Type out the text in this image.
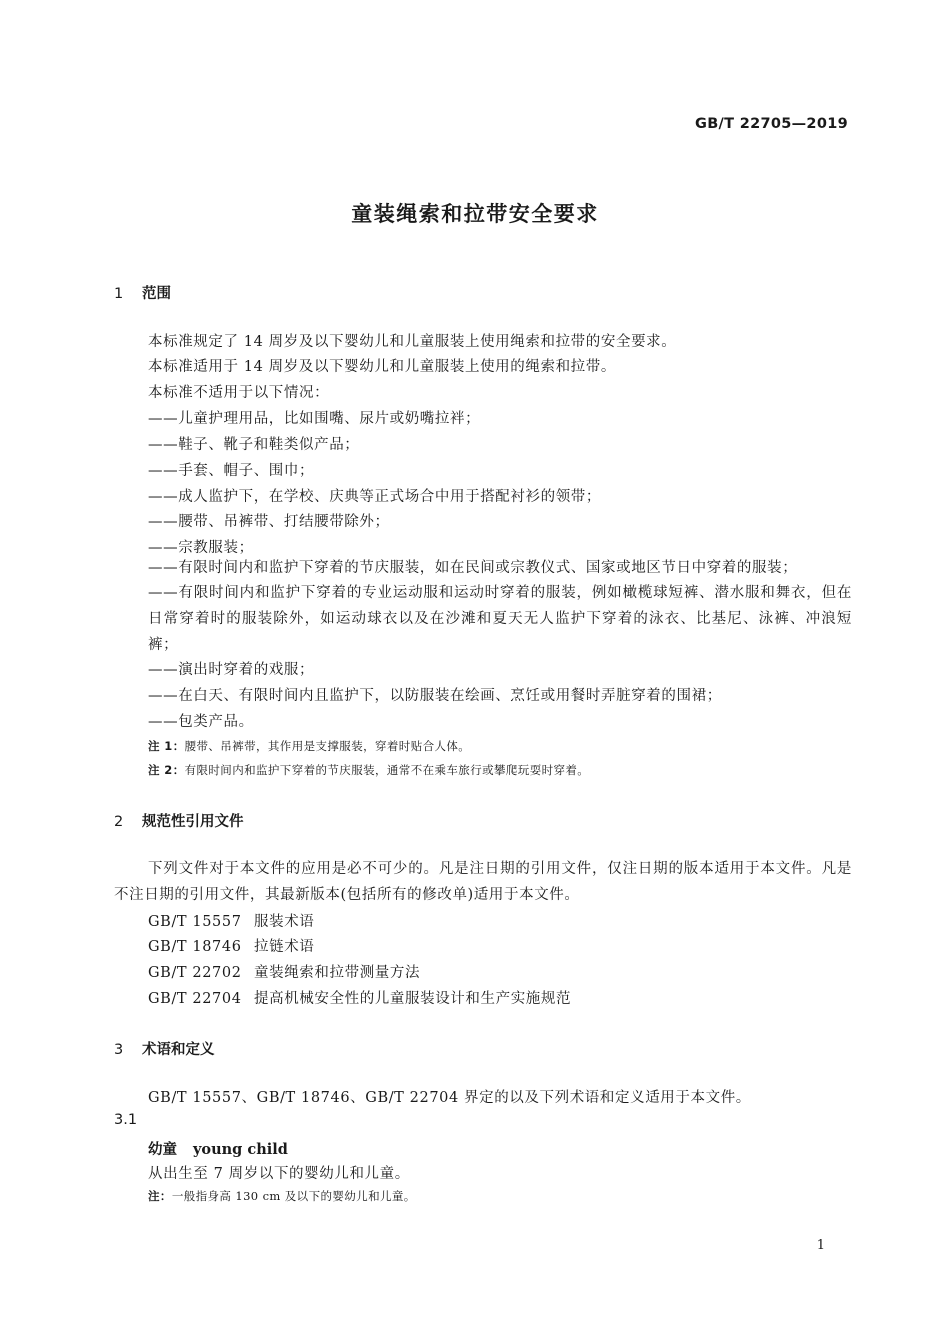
GB/T 22705—2019
童装绳索和拉带安全要求
1 范围
本标准规定了 14 周岁及以下婴幼儿和儿童服装上使用绳索和拉带的安全要求。
本标准适用于 14 周岁及以下婴幼儿和儿童服装上使用的绳索和拉带。
本标准不适用于以下情况：
——儿童护理用品，比如围嘴、尿片或奶嘴拉袢；
——鞋子、靴子和鞋类似产品；
——手套、帽子、围巾；
——成人监护下，在学校、庆典等正式场合中用于搭配衬衫的领带；
——腰带、吊裤带、打结腰带除外；
——宗教服装；
——有限时间内和监护下穿着的节庆服装，如在民间或宗教仪式、国家或地区节日中穿着的服装；
——有限时间内和监护下穿着的专业运动服和运动时穿着的服装，例如橄榄球短裤、潜水服和舞衣，但在日常穿着时的服装除外，如运动球衣以及在沙滩和夏天无人监护下穿着的泳衣、比基尼、泳裤、冲浪短裤；
——演出时穿着的戏服；
——在白天、有限时间内且监护下，以防服装在绘画、烹饪或用餐时弄脏穿着的围裙；
——包类产品。
注 1：腰带、吊裤带，其作用是支撑服装，穿着时贴合人体。
注 2：有限时间内和监护下穿着的节庆服装，通常不在乘车旅行或攀爬玩耍时穿着。
2 规范性引用文件
下列文件对于本文件的应用是必不可少的。凡是注日期的引用文件，仅注日期的版本适用于本文件。凡是不注日期的引用文件，其最新版本(包括所有的修改单)适用于本文件。
GB/T 15557 服装术语
GB/T 18746 拉链术语
GB/T 22702 童装绳索和拉带测量方法
GB/T 22704 提高机械安全性的儿童服装设计和生产实施规范
3 术语和定义
GB/T 15557、GB/T 18746、GB/T 22704 界定的以及下列术语和定义适用于本文件。
3.1
幼童 young child
从出生至 7 周岁以下的婴幼儿和儿童。
注：一般指身高 130 cm 及以下的婴幼儿和儿童。
1
